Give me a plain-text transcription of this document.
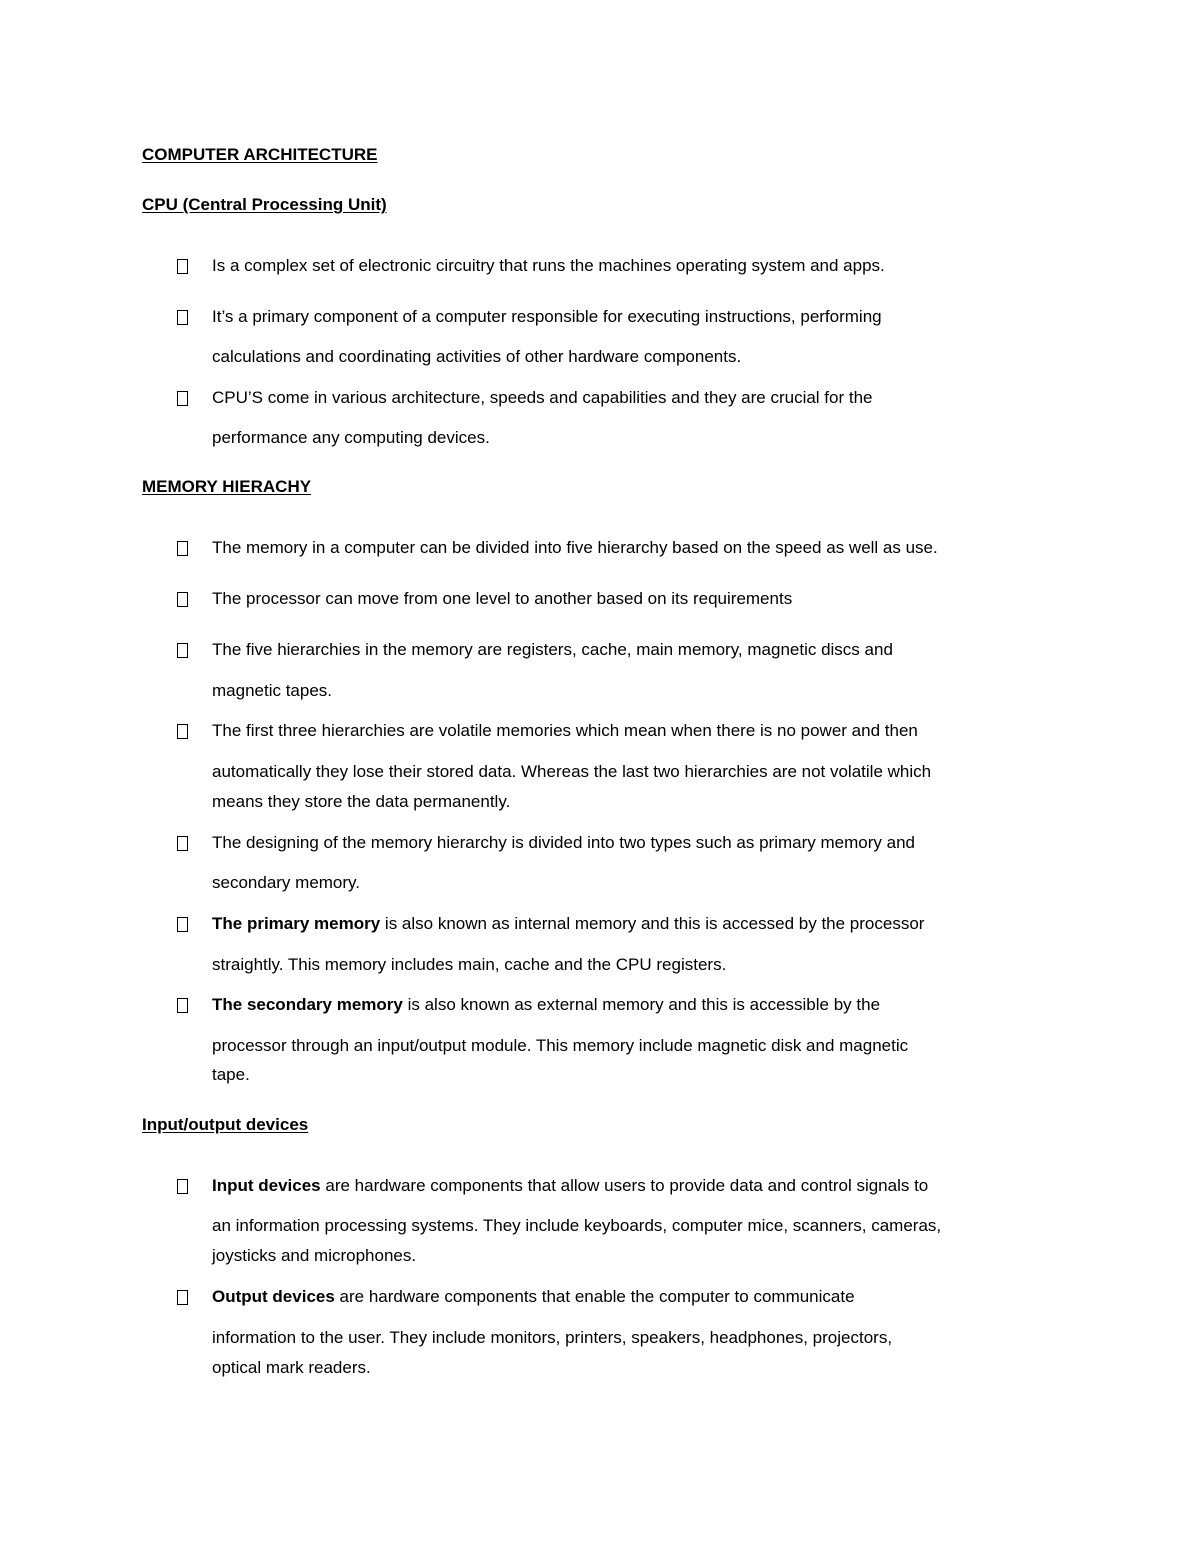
COMPUTER ARCHITECTURE
CPU (Central Processing Unit)
Is a complex set of electronic circuitry that runs the machines operating system and apps.
It’s a primary component of a computer responsible for executing instructions, performing
calculations and coordinating activities of other hardware components.
CPU’S come in various architecture, speeds and capabilities and they are crucial for the
performance any computing devices.
MEMORY HIERACHY
The memory in a computer can be divided into five hierarchy based on the speed as well as use.
The processor can move from one level to another based on its requirements
The five hierarchies in the memory are registers, cache, main memory, magnetic discs and
magnetic tapes.
The first three hierarchies are volatile memories which mean when there is no power and then
automatically they lose their stored data. Whereas the last two hierarchies are not volatile which
means they store the data permanently.
The designing of the memory hierarchy is divided into two types such as primary memory and
secondary memory.
The primary memory is also known as internal memory and this is accessed by the processor
straightly. This memory includes main, cache and the CPU registers.
The secondary memory is also known as external memory and this is accessible by the
processor through an input/output module. This memory include magnetic disk and magnetic
tape.
Input/output devices
Input devices are hardware components that allow users to provide data and control signals to
an information processing systems. They include keyboards, computer mice, scanners, cameras,
joysticks and microphones.
Output devices are hardware components that enable the computer to communicate
information to the user. They include monitors, printers, speakers, headphones, projectors,
optical mark readers.
